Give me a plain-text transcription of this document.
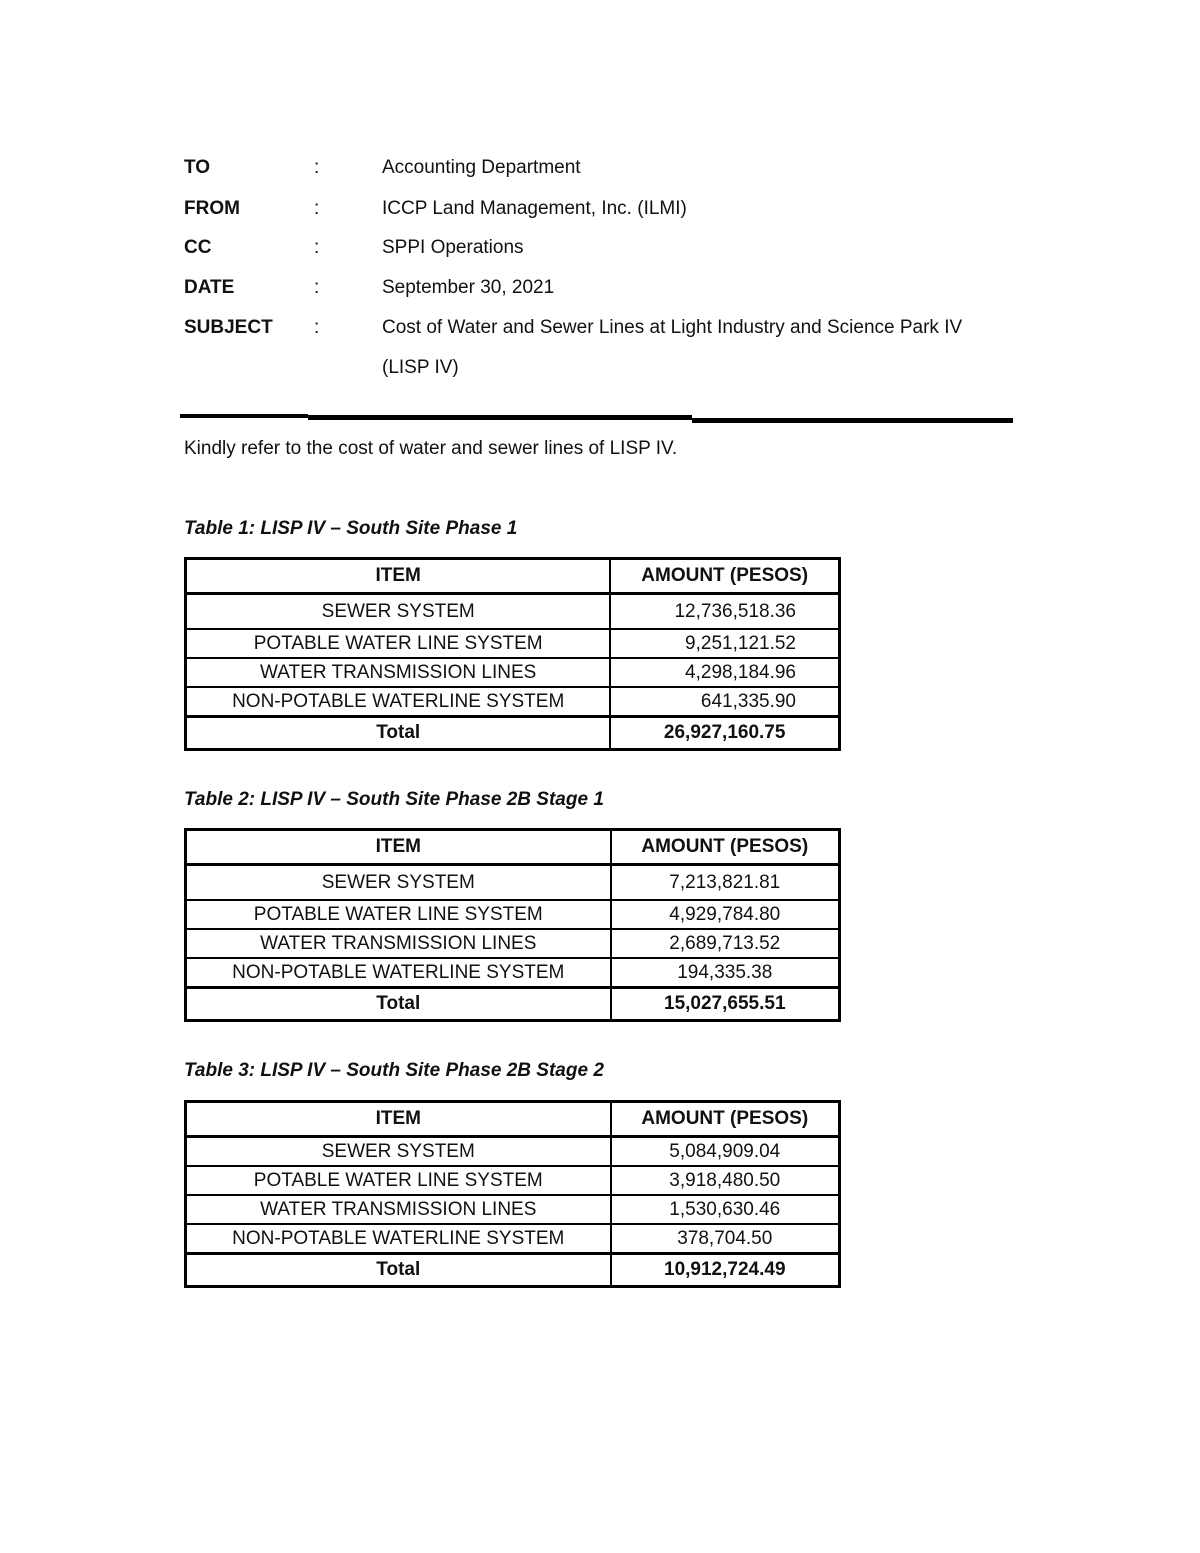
TO	:	Accounting Department
FROM	:	ICCP Land Management, Inc. (ILMI)
CC	:	SPPI Operations
DATE	:	September 30, 2021
SUBJECT :	Cost of Water and Sewer Lines at Light Industry and Science Park IV
(LISP IV)
Kindly refer to the cost of water and sewer lines of LISP IV.
Table 1: LISP IV – South Site Phase 1
ITEM	AMOUNT (PESOS)
SEWER SYSTEM	12,736,518.36
POTABLE WATER LINE SYSTEM	9,251,121.52
WATER TRANSMISSION LINES	4,298,184.96
NON-POTABLE WATERLINE SYSTEM	641,335.90
Total	26,927,160.75
Table 2: LISP IV – South Site Phase 2B Stage 1
ITEM	AMOUNT (PESOS)
SEWER SYSTEM	7,213,821.81
POTABLE WATER LINE SYSTEM	4,929,784.80
WATER TRANSMISSION LINES	2,689,713.52
NON-POTABLE WATERLINE SYSTEM	194,335.38
Total	15,027,655.51
Table 3: LISP IV – South Site Phase 2B Stage 2
ITEM	AMOUNT (PESOS)
SEWER SYSTEM	5,084,909.04
POTABLE WATER LINE SYSTEM	3,918,480.50
WATER TRANSMISSION LINES	1,530,630.46
NON-POTABLE WATERLINE SYSTEM	378,704.50
Total	10,912,724.49
